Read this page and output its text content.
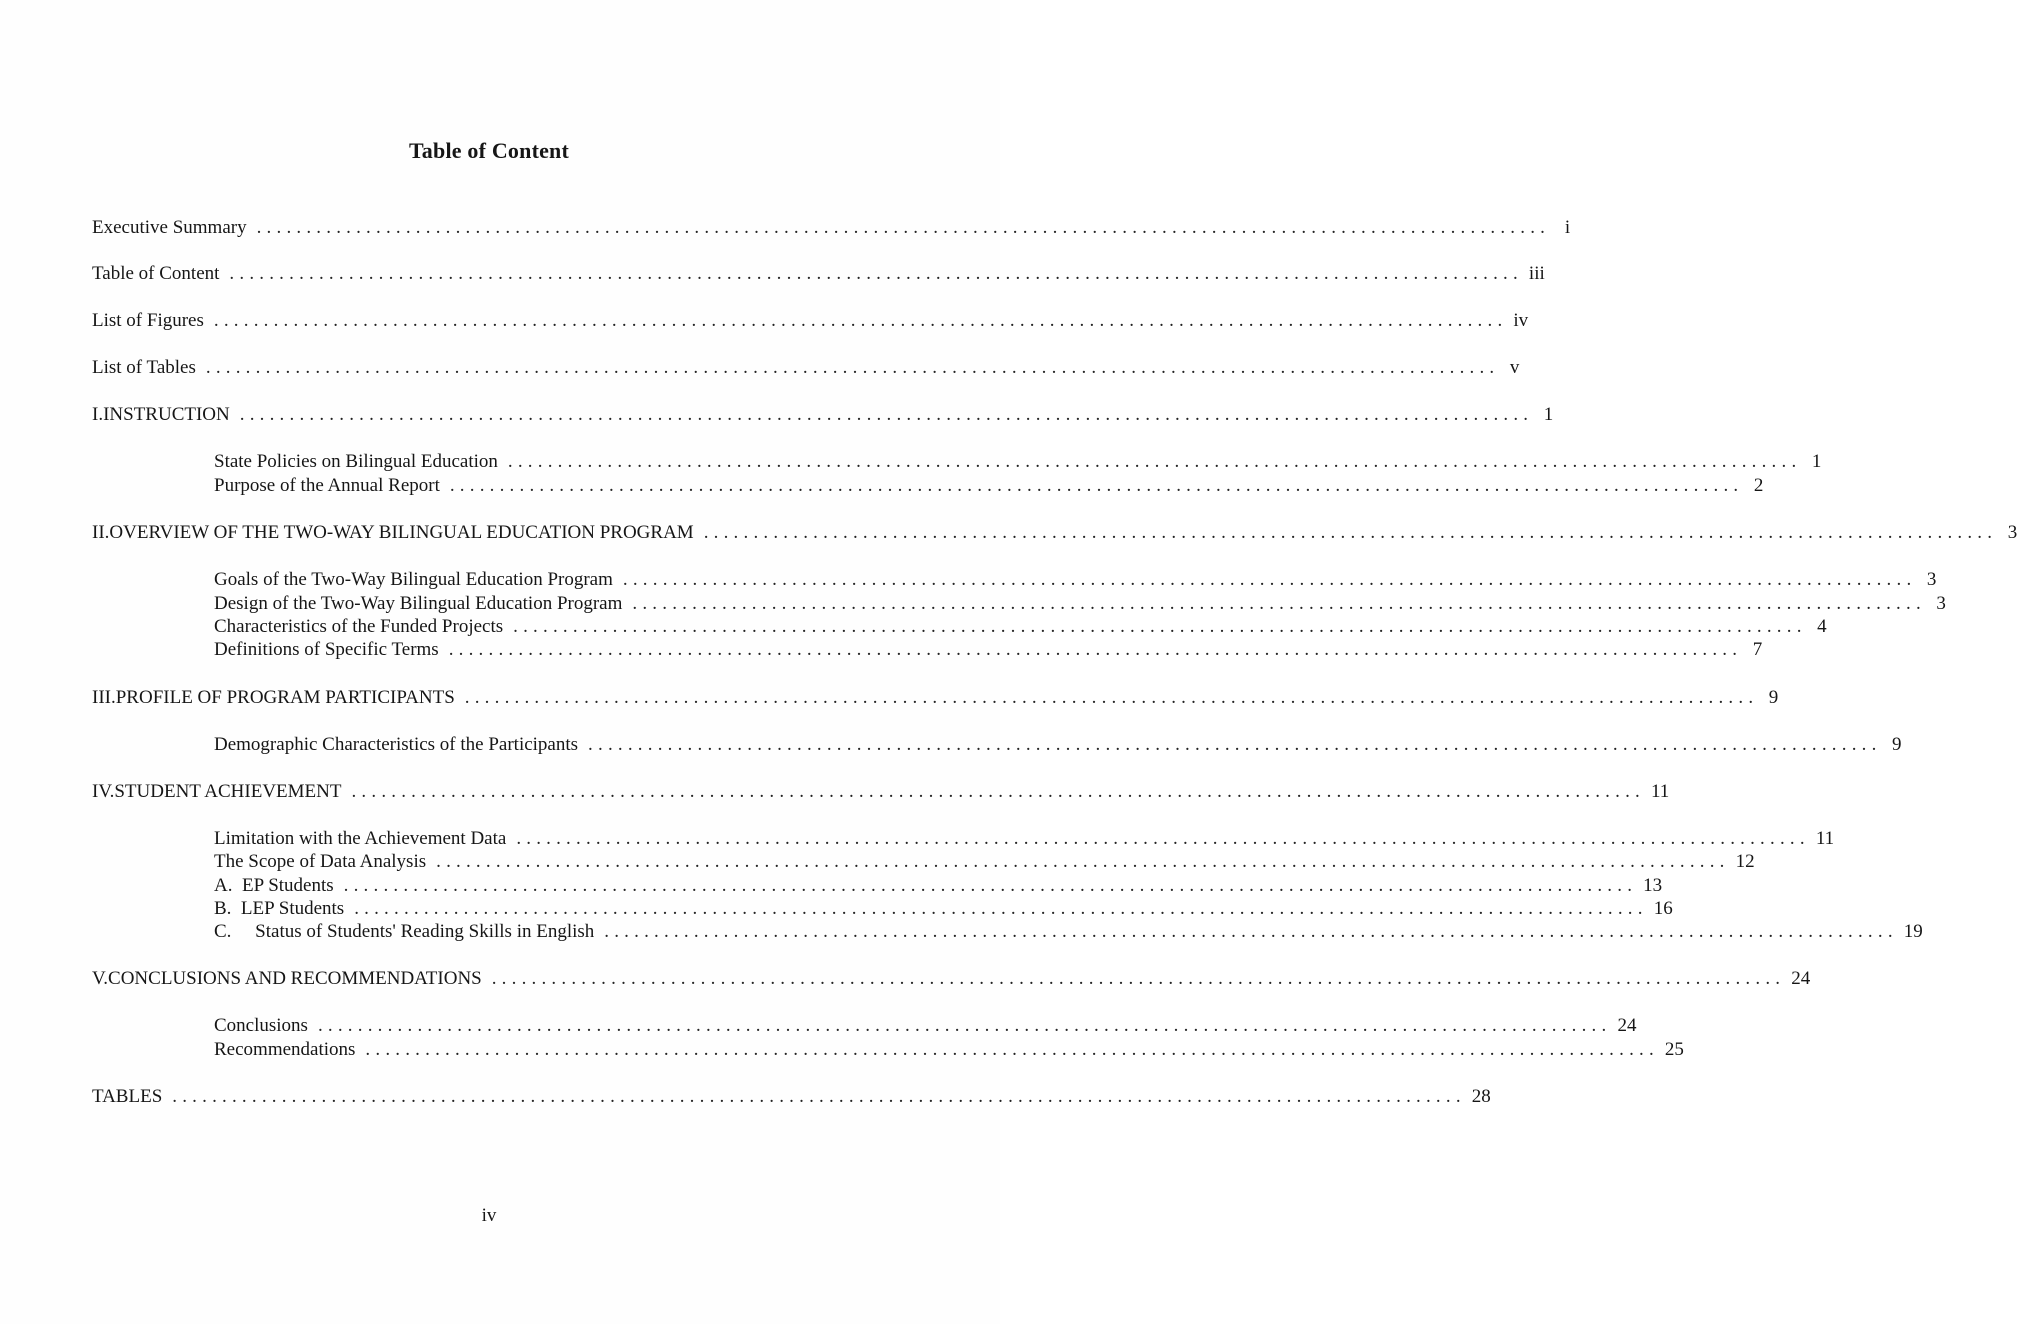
Table of Content
Executive Summary .................................................................................................................................. i
Table of Content .................................................................................................................................. iii
List of Figures .................................................................................................................................. iv
List of Tables .................................................................................................................................. v
I. INSTRUCTION .................................................................................................................................. 1
State Policies on Bilingual Education .................................................................................................................................. 1
Purpose of the Annual Report .................................................................................................................................. 2
II. OVERVIEW OF THE TWO-WAY BILINGUAL EDUCATION PROGRAM .................................................................................................................................. 3
Goals of the Two-Way Bilingual Education Program .................................................................................................................................. 3
Design of the Two-Way Bilingual Education Program .................................................................................................................................. 3
Characteristics of the Funded Projects .................................................................................................................................. 4
Definitions of Specific Terms .................................................................................................................................. 7
III. PROFILE OF PROGRAM PARTICIPANTS .................................................................................................................................. 9
Demographic Characteristics of the Participants .................................................................................................................................. 9
IV. STUDENT ACHIEVEMENT .................................................................................................................................. 11
Limitation with the Achievement Data .................................................................................................................................. 11
The Scope of Data Analysis .................................................................................................................................. 12
A.  EP Students .................................................................................................................................. 13
B.  LEP Students .................................................................................................................................. 16
C.     Status of Students' Reading Skills in English .................................................................................................................................. 19
V. CONCLUSIONS AND RECOMMENDATIONS .................................................................................................................................. 24
Conclusions .................................................................................................................................. 24
Recommendations .................................................................................................................................. 25
TABLES .................................................................................................................................. 28
iv
